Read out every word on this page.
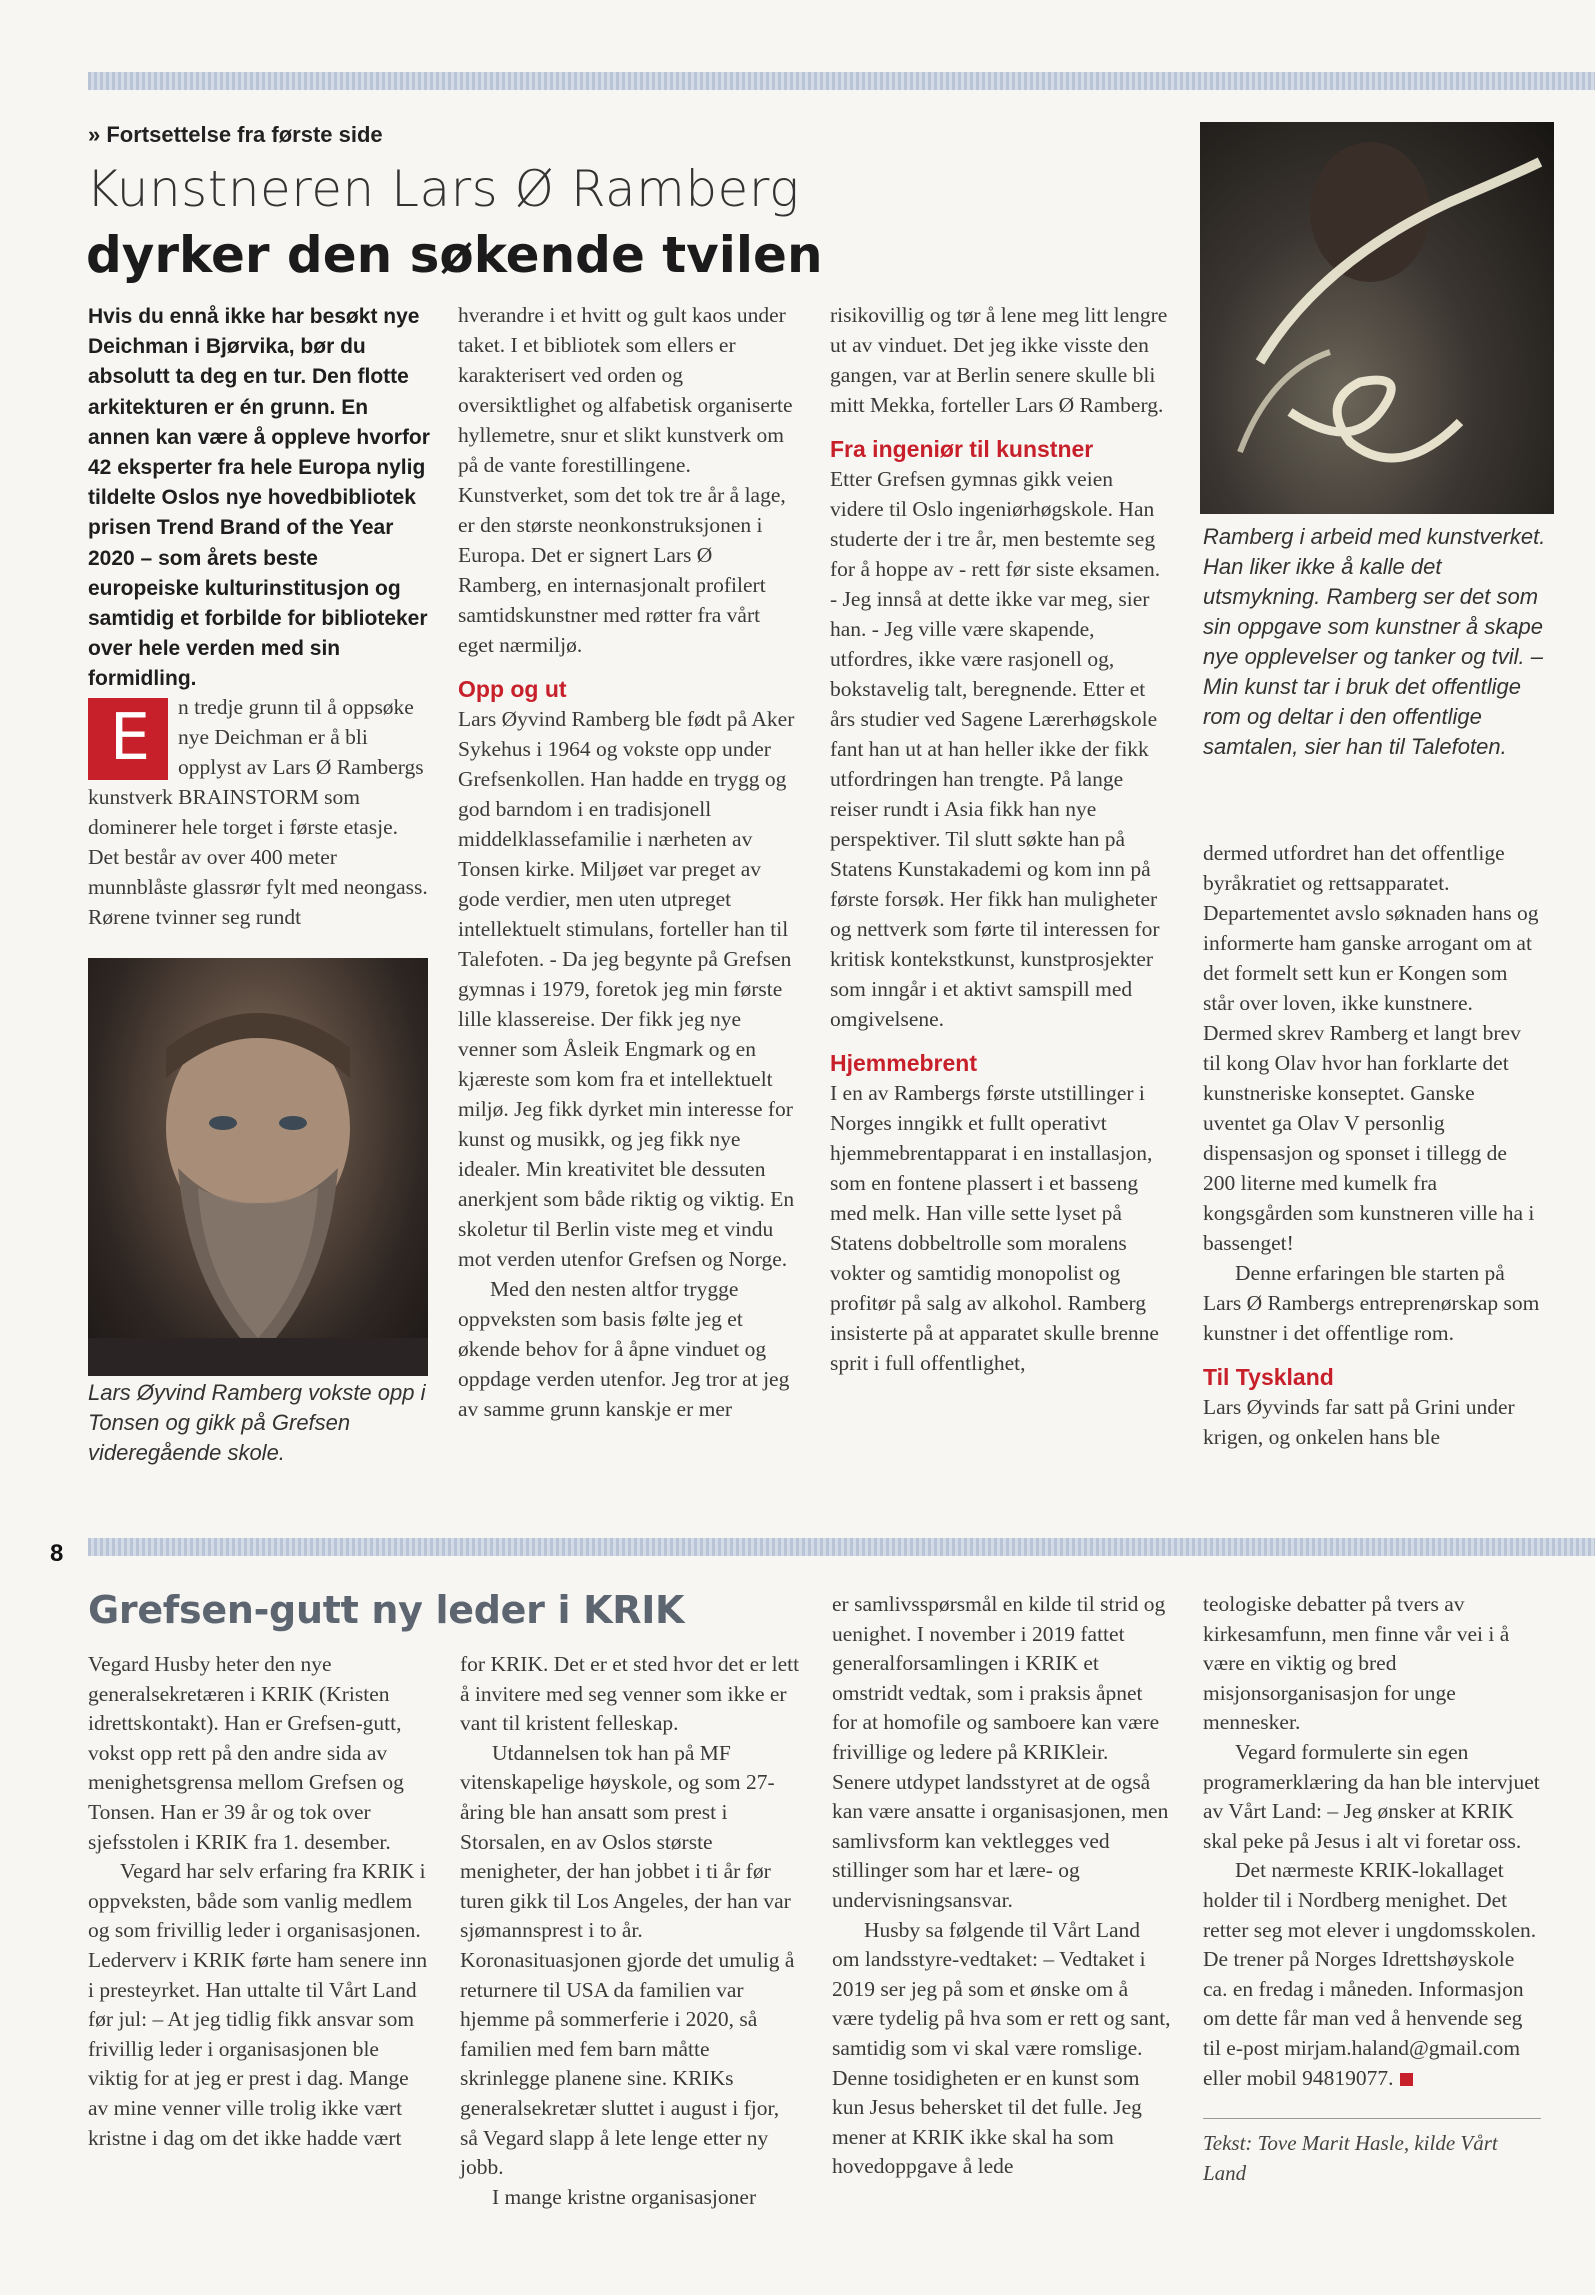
» Fortsettelse fra første side
Kunstneren Lars Ø Ramberg
dyrker den søkende tvilen
Hvis du ennå ikke har besøkt nye Deichman i Bjørvika, bør du absolutt ta deg en tur. Den flotte arkitekturen er én grunn. En annen kan være å oppleve hvorfor 42 eksperter fra hele Europa nylig tildelte Oslos nye hovedbibliotek prisen Trend Brand of the Year 2020 – som årets beste europeiske kulturinstitusjon og samtidig et forbilde for biblioteker over hele verden med sin formidling.
E	n tredje grunn til å oppsøke nye Deichman er å bli opplyst av Lars Ø Rambergs kunstverk BRAINSTORM som dominerer hele torget i første etasje. Det består av over 400 meter munnblåste glassrør fylt med neongass. Rørene tvinner seg rundt
Lars Øyvind Ramberg vokste opp i Tonsen og gikk på Grefsen videregående skole.
Ramberg i arbeid med kunstverket. Han liker ikke å kalle det utsmykning. Ramberg ser det som sin oppgave som kunstner å skape nye opplevelser og tanker og tvil. – Min kunst tar i bruk det offentlige rom og deltar i den offentlige samtalen, sier han til Talefoten.

hverandre i et hvitt og gult kaos under taket. I et bibliotek som ellers er karakterisert ved orden og oversiktlighet og alfabetisk organiserte hyllemetre, snur et slikt kunstverk om på de vante forestillingene. Kunstverket, som det tok tre år å lage, er den største neonkonstruksjonen i Europa. Det er signert Lars Ø Ramberg, en internasjonalt profilert samtidskunstner med røtter fra vårt eget nærmiljø.

Opp og ut

Lars Øyvind Ramberg ble født på Aker Sykehus i 1964 og vokste opp under Grefsenkollen. Han hadde en trygg og god barndom i en tradisjonell middelklassefamilie i nærheten av Tonsen kirke. Miljøet var preget av gode verdier, men uten utpreget intellektuelt stimulans, forteller han til Talefoten. - Da jeg begynte på Grefsen gymnas i 1979, foretok jeg min første lille klassereise. Der fikk jeg nye venner som Åsleik Engmark og en kjæreste som kom fra et intellektuelt miljø. Jeg fikk dyrket min interesse for kunst og musikk, og jeg fikk nye idealer. Min kreativitet ble dessuten anerkjent som både riktig og viktig. En skoletur til Berlin viste meg et vindu mot verden utenfor Grefsen og Norge.

Med den nesten altfor trygge oppveksten som basis følte jeg et økende behov for å åpne vinduet og oppdage verden utenfor. Jeg tror at jeg av samme grunn kanskje er mer

risikovillig og tør å lene meg litt lengre ut av vinduet. Det jeg ikke visste den gangen, var at Berlin senere skulle bli mitt Mekka, forteller Lars Ø Ramberg.

Fra ingeniør til kunstner

Etter Grefsen gymnas gikk veien videre til Oslo ingeniørhøgskole. Han studerte der i tre år, men bestemte seg for å hoppe av - rett før siste eksamen. - Jeg innså at dette ikke var meg, sier han. - Jeg ville være skapende, utfordres, ikke være rasjonell og, bokstavelig talt, beregnende. Etter et års studier ved Sagene Lærerhøgskole fant han ut at han heller ikke der fikk utfordringen han trengte. På lange reiser rundt i Asia fikk han nye perspektiver. Til slutt søkte han på Statens Kunstakademi og kom inn på første forsøk. Her fikk han muligheter og nettverk som førte til interessen for kritisk kontekstkunst, kunstprosjekter som inngår i et aktivt samspill med omgivelsene.

Hjemmebrent

I en av Rambergs første utstillinger i Norges inngikk et fullt operativt hjemmebrentapparat i en installasjon, som en fontene plassert i et basseng med melk. Han ville sette lyset på Statens dobbeltrolle som moralens vokter og samtidig monopolist og profitør på salg av alkohol. Ramberg insisterte på at apparatet skulle brenne sprit i full offentlighet,

dermed utfordret han det offentlige byråkratiet og rettsapparatet. Departementet avslo søknaden hans og informerte ham ganske arrogant om at det formelt sett kun er Kongen som står over loven, ikke kunstnere. Dermed skrev Ramberg et langt brev til kong Olav hvor han forklarte det kunstneriske konseptet. Ganske uventet ga Olav V personlig dispensasjon og sponset i tillegg de 200 literne med kumelk fra kongsgården som kunstneren ville ha i bassenget!

Denne erfaringen ble starten på Lars Ø Rambergs entreprenørskap som kunstner i det offentlige rom.

Til Tyskland

Lars Øyvinds far satt på Grini under krigen, og onkelen hans ble

8
Grefsen-gutt ny leder i KRIK

Vegard Husby heter den nye generalsekretæren i KRIK (Kristen idrettskontakt). Han er Grefsen-gutt, vokst opp rett på den andre sida av menighetsgrensa mellom Grefsen og Tonsen. Han er 39 år og tok over sjefsstolen i KRIK fra 1. desember.

Vegard har selv erfaring fra KRIK i oppveksten, både som vanlig medlem og som frivillig leder i organisasjonen. Lederverv i KRIK førte ham senere inn i presteyrket. Han uttalte til Vårt Land før jul: – At jeg tidlig fikk ansvar som frivillig leder i organisasjonen ble viktig for at jeg er prest i dag. Mange av mine venner ville trolig ikke vært kristne i dag om det ikke hadde vært

for KRIK. Det er et sted hvor det er lett å invitere med seg venner som ikke er vant til kristent felleskap.

Utdannelsen tok han på MF vitenskapelige høyskole, og som 27-åring ble han ansatt som prest i Storsalen, en av Oslos største menigheter, der han jobbet i ti år før turen gikk til Los Angeles, der han var sjømannsprest i to år. Koronasituasjonen gjorde det umulig å returnere til USA da familien var hjemme på sommerferie i 2020, så familien med fem barn måtte skrinlegge planene sine. KRIKs generalsekretær sluttet i august i fjor, så Vegard slapp å lete lenge etter ny jobb.

I mange kristne organisasjoner

er samlivsspørsmål en kilde til strid og uenighet. I november i 2019 fattet generalforsamlingen i KRIK et omstridt vedtak, som i praksis åpnet for at homofile og samboere kan være frivillige og ledere på KRIKleir. Senere utdypet landsstyret at de også kan være ansatte i organisasjonen, men samlivsform kan vektlegges ved stillinger som har et lære- og undervisningsansvar.

Husby sa følgende til Vårt Land om landsstyre-vedtaket: – Vedtaket i 2019 ser jeg på som et ønske om å være tydelig på hva som er rett og sant, samtidig som vi skal være romslige. Denne tosidigheten er en kunst som kun Jesus behersket til det fulle. Jeg mener at KRIK ikke skal ha som hovedoppgave å lede

teologiske debatter på tvers av kirkesamfunn, men finne vår vei i å være en viktig og bred misjonsorganisasjon for unge mennesker.

Vegard formulerte sin egen programerklæring da han ble intervjuet av Vårt Land: – Jeg ønsker at KRIK skal peke på Jesus i alt vi foretar oss.

Det nærmeste KRIK-lokallaget holder til i Nordberg menighet. Det retter seg mot elever i ungdomsskolen. De trener på Norges Idrettshøyskole ca. en fredag i måneden. Informasjon om dette får man ved å henvende seg til e-post mirjam.haland@gmail.com eller mobil 94819077.

Tekst: Tove Marit Hasle, kilde Vårt Land
